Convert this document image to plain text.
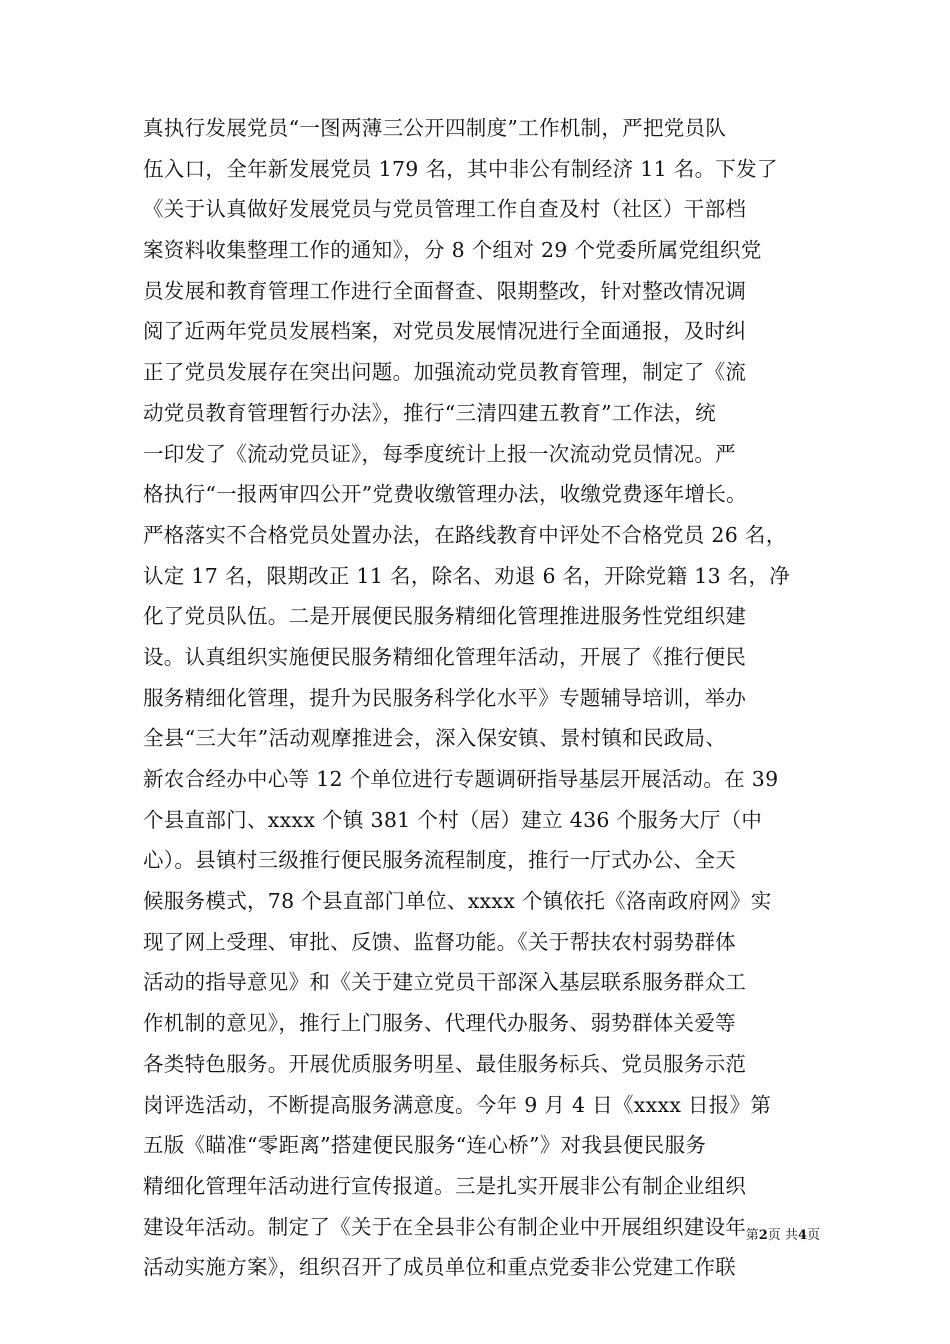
真执行发展党员“一图两薄三公开四制度”工作机制，严把党员队
伍入口，全年新发展党员 179 名，其中非公有制经济 11 名。下发了
《关于认真做好发展党员与党员管理工作自查及村（社区）干部档
案资料收集整理工作的通知》，分 8 个组对 29 个党委所属党组织党
员发展和教育管理工作进行全面督查、限期整改，针对整改情况调
阅了近两年党员发展档案，对党员发展情况进行全面通报，及时纠
正了党员发展存在突出问题。加强流动党员教育管理，制定了《流
动党员教育管理暂行办法》，推行“三清四建五教育”工作法，统
一印发了《流动党员证》，每季度统计上报一次流动党员情况。严
格执行“一报两审四公开”党费收缴管理办法，收缴党费逐年增长。
严格落实不合格党员处置办法，在路线教育中评处不合格党员 26 名，
认定 17 名，限期改正 11 名，除名、劝退 6 名，开除党籍 13 名，净
化了党员队伍。二是开展便民服务精细化管理推进服务性党组织建
设。认真组织实施便民服务精细化管理年活动，开展了《推行便民
服务精细化管理，提升为民服务科学化水平》专题辅导培训，举办
全县“三大年”活动观摩推进会，深入保安镇、景村镇和民政局、
新农合经办中心等 12 个单位进行专题调研指导基层开展活动。在 39
个县直部门、xxxx 个镇 381 个村（居）建立 436 个服务大厅（中
心）。县镇村三级推行便民服务流程制度，推行一厅式办公、全天
候服务模式，78 个县直部门单位、xxxx 个镇依托《洛南政府网》实
现了网上受理、审批、反馈、监督功能。《关于帮扶农村弱势群体
活动的指导意见》和《关于建立党员干部深入基层联系服务群众工
作机制的意见》，推行上门服务、代理代办服务、弱势群体关爱等
各类特色服务。开展优质服务明星、最佳服务标兵、党员服务示范
岗评选活动，不断提高服务满意度。今年 9 月 4 日《xxxx 日报》第
五版《瞄准“零距离”搭建便民服务“连心桥”》对我县便民服务
精细化管理年活动进行宣传报道。三是扎实开展非公有制企业组织
建设年活动。制定了《关于在全县非公有制企业中开展组织建设年
活动实施方案》，组织召开了成员单位和重点党委非公党建工作联
第2页 共4页
